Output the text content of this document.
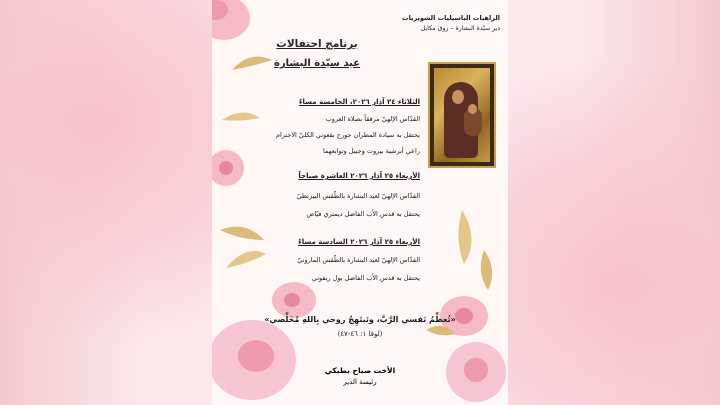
الراهبات الباسيليات الشويريات
دير سيّدة البشارة – زوق مكايل
برنامج احتفالات
عيد سيّدة البشارة
الثلاثاء ٢٤ آذار ٢٠٢٦، الخامسة مساءً
القدّاس الإلهيّ مرفقاً بصلاة الغروب
يحتفل به سيادة المطران جورج بقعوني الكليّ الاحترام
راعي أبرشية بيروت وجبيل وتوابعهما
الأربعاء ٢٥ آذار ٢٠٢٦ العاشرة صباحاً
القدّاس الإلهيّ لعيد البشارة بالطّقس البيزنطيّ
يحتفل به قدس الأب الفاضل ديمتري فيّاض
الأربعاء ٢٥ آذار ٢٠٢٦ السادسة مساءً
القدّاس الإلهيّ لعيد البشارة بالطّقس المارونيّ
يحتفل به قدس الأب الفاضل بول ريفوني
«تُعظِّمُ نَفسي الرَّبَّ، وتَبتَهِجُ روحي بِاللهِ مُخَلِّصي»
(لوقا ١: ٤٦-٤٧)
الأخت صباح بطبكي
رئيسة الدير
